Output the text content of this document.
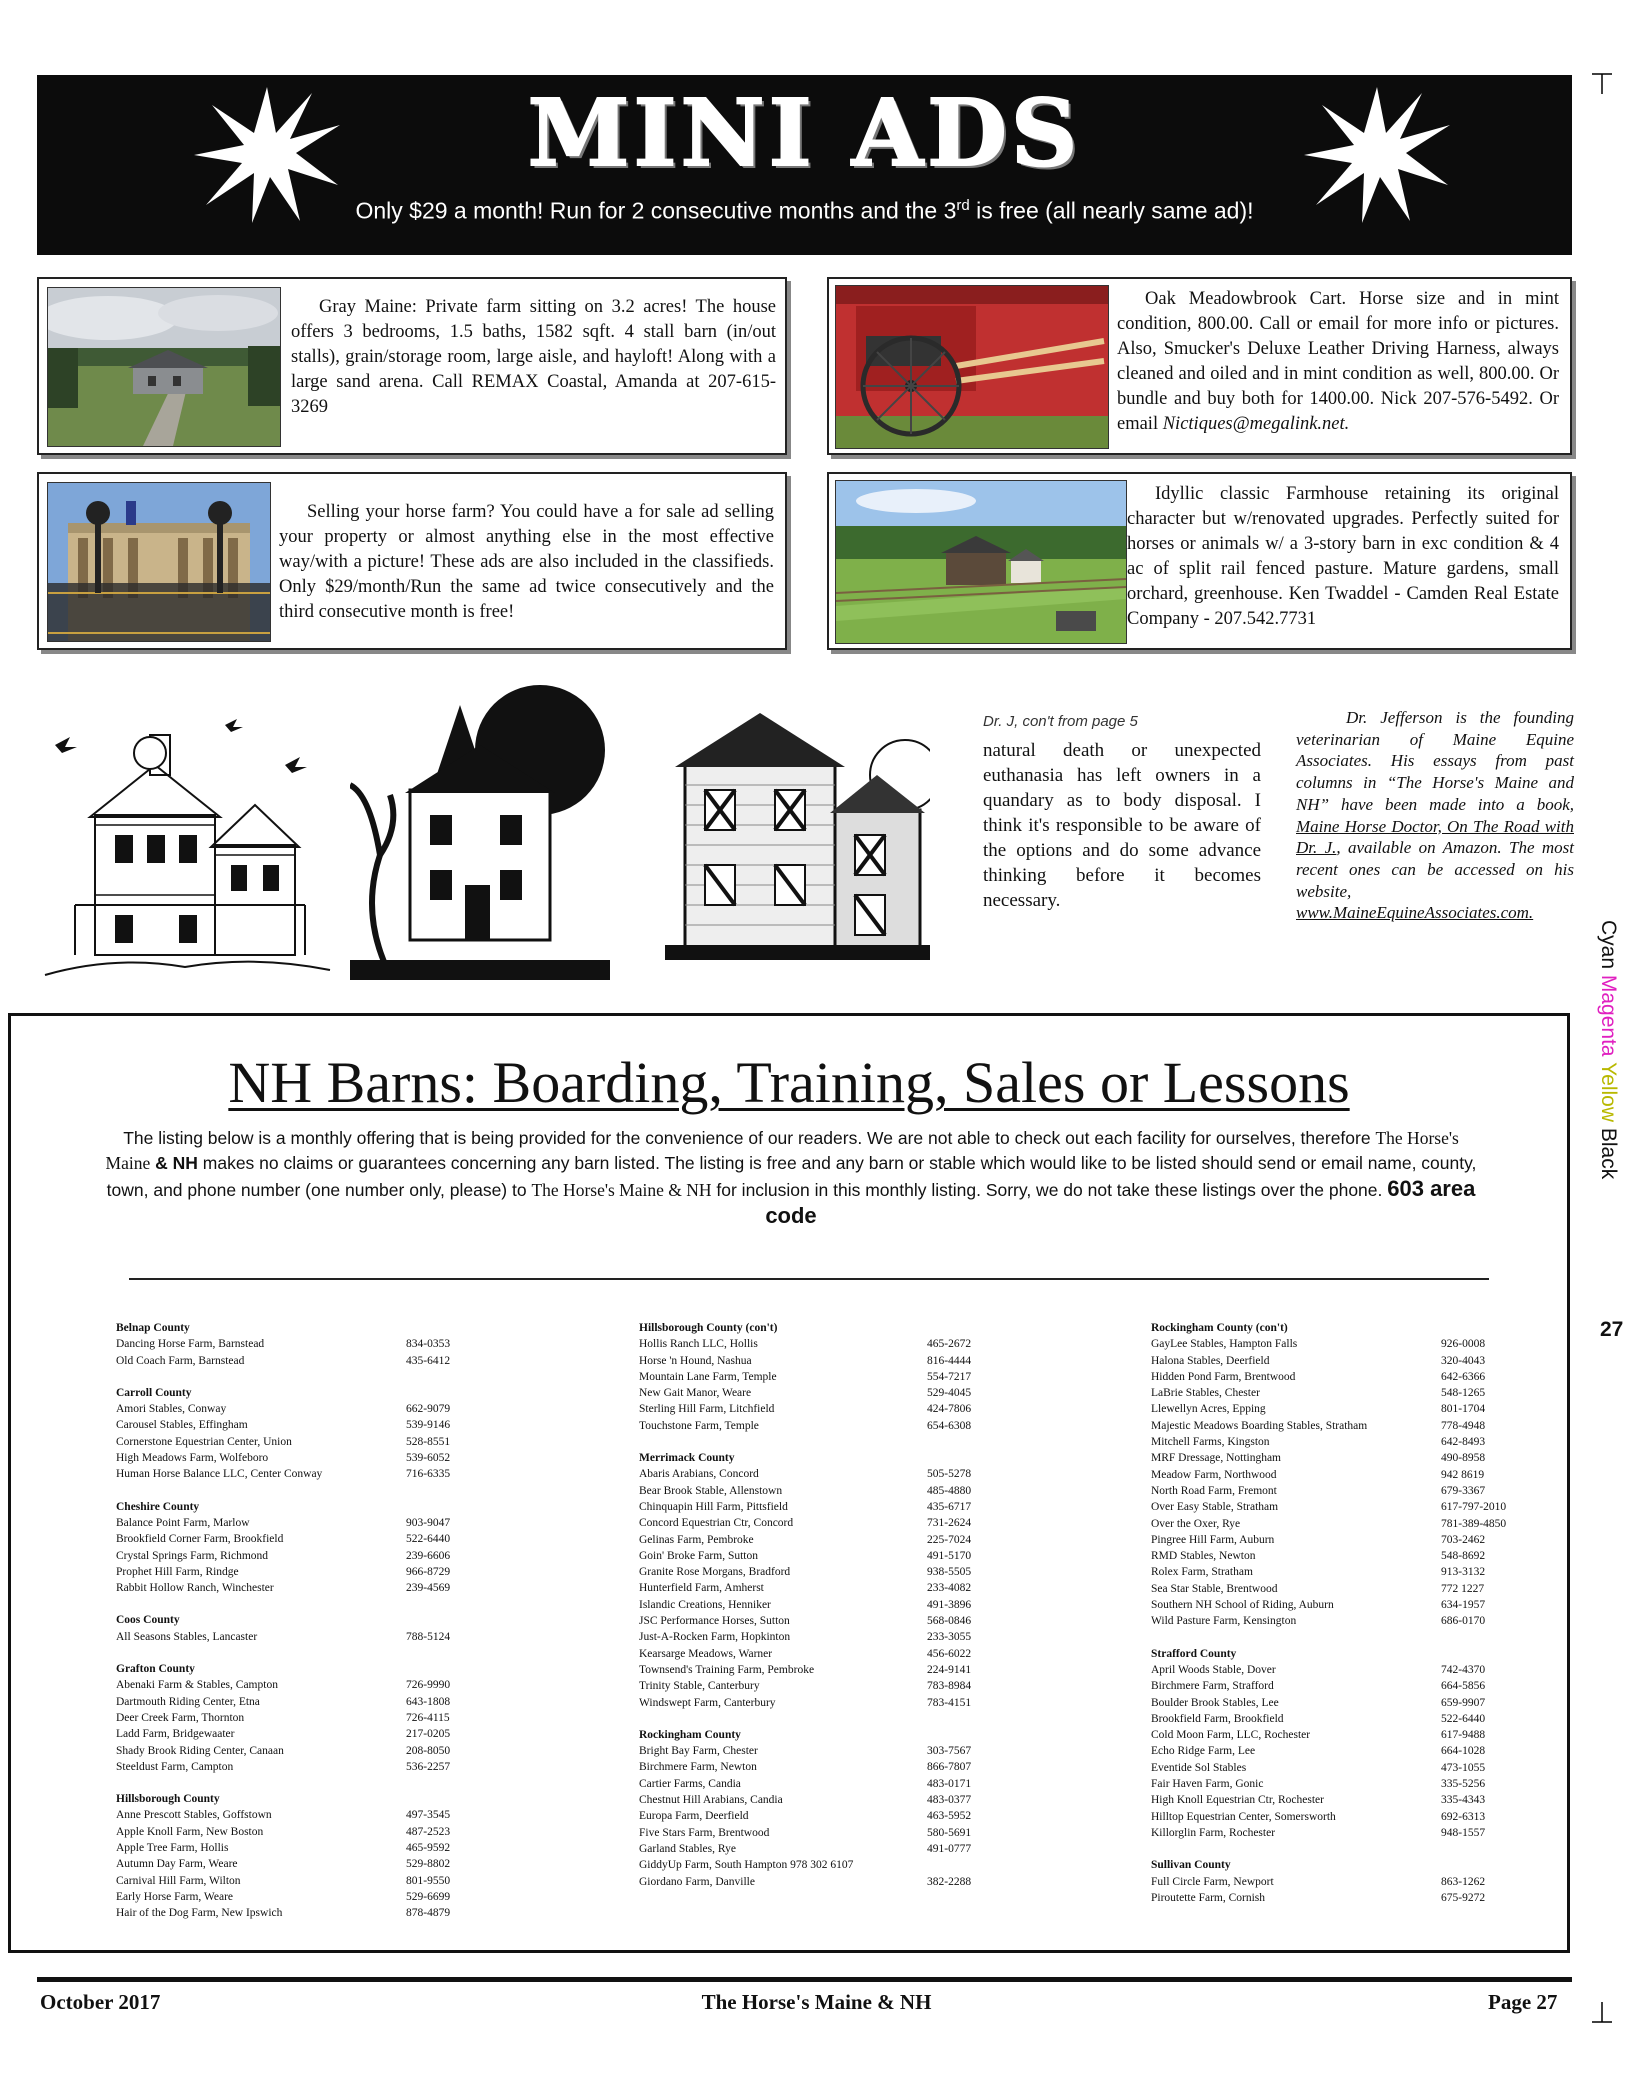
MINI ADS
Only $29 a month! Run for 2 consecutive months and the 3rd is free (all nearly same ad)!

Gray Maine: Private farm sitting on 3.2 acres! The house offers 3 bedrooms, 1.5 baths, 1582 sqft. 4 stall barn (in/out stalls), grain/storage room, large aisle, and hayloft! Along with a large sand arena. Call REMAX Coastal, Amanda at 207-615-3269

Oak Meadowbrook Cart. Horse size and in mint condition, 800.00. Call or email for more info or pictures. Also, Smucker's Deluxe Leather Driving Harness, always cleaned and oiled and in mint condition as well, 800.00. Or bundle and buy both for 1400.00. Nick 207-576-5492. Or email Nictiques@megalink.net.

Selling your horse farm? You could have a for sale ad selling your property or almost anything else in the most effective way/with a picture! These ads are also included in the classifieds. Only $29/month/Run the same ad twice consecutively and the third consecutive month is free!

Idyllic classic Farmhouse retaining its original character but w/renovated upgrades. Perfectly suited for horses or animals w/ a 3-story barn in exc condition & 4 ac of split rail fenced pasture. Mature gardens, small orchard, greenhouse. Ken Twaddel - Camden Real Estate Company - 207.542.7731

Dr. J, con't from page 5
natural death or unexpected euthanasia has left owners in a quandary as to body disposal. I think it's responsible to be aware of the options and do some advance thinking before it becomes necessary.
Dr. Jefferson is the founding veterinarian of Maine Equine Associates. His essays from past columns in “The Horse's Maine and NH” have been made into a book, Maine Horse Doctor, On The Road with Dr. J., available on Amazon. The most recent ones can be accessed on his website, www.MaineEquineAssociates.com.
Cyan Magenta Yellow Black
27
NH Barns: Boarding, Training, Sales or Lessons
The listing below is a monthly offering that is being provided for the convenience of our readers. We are not able to check out each facility for ourselves, therefore The Horse's Maine & NH makes no claims or guarantees concerning any barn listed. The listing is free and any barn or stable which would like to be listed should send or email name, county, town, and phone number (one number only, please) to The Horse's Maine & NH for inclusion in this monthly listing. Sorry, we do not take these listings over the phone. 603 area code
Belnap County
Dancing Horse Farm, Barnstead	834-0353
Old Coach Farm, Barnstead	435-6412
Carroll County
Amori Stables, Conway	662-9079
Carousel Stables, Effingham	539-9146
Cornerstone Equestrian Center, Union	528-8551
High Meadows Farm, Wolfeboro	539-6052
Human Horse Balance LLC, Center Conway	716-6335
Cheshire County
Balance Point Farm, Marlow	903-9047
Brookfield Corner Farm, Brookfield	522-6440
Crystal Springs Farm, Richmond	239-6606
Prophet Hill Farm, Rindge	966-8729
Rabbit Hollow Ranch, Winchester	239-4569
Coos County
All Seasons Stables, Lancaster	788-5124
Grafton County
Abenaki Farm & Stables, Campton	726-9990
Dartmouth Riding Center, Etna	643-1808
Deer Creek Farm, Thornton	726-4115
Ladd Farm, Bridgewaater	217-0205
Shady Brook Riding Center, Canaan	208-8050
Steeldust Farm, Campton	536-2257
Hillsborough County
Anne Prescott Stables, Goffstown	497-3545
Apple Knoll Farm, New Boston	487-2523
Apple Tree Farm, Hollis	465-9592
Autumn Day Farm, Weare	529-8802
Carnival Hill Farm, Wilton	801-9550
Early Horse Farm, Weare	529-6699
Hair of the Dog Farm, New Ipswich	878-4879
Hillsborough County (con't)
Hollis Ranch LLC, Hollis	465-2672
Horse 'n Hound, Nashua	816-4444
Mountain Lane Farm, Temple	554-7217
New Gait Manor, Weare	529-4045
Sterling Hill Farm, Litchfield	424-7806
Touchstone Farm, Temple	654-6308
Merrimack County
Abaris Arabians, Concord	505-5278
Bear Brook Stable, Allenstown	485-4880
Chinquapin Hill Farm, Pittsfield	435-6717
Concord Equestrian Ctr, Concord	731-2624
Gelinas Farm, Pembroke	225-7024
Goin' Broke Farm, Sutton	491-5170
Granite Rose Morgans, Bradford	938-5505
Hunterfield Farm, Amherst	233-4082
Islandic Creations, Henniker	491-3896
JSC Performance Horses, Sutton	568-0846
Just-A-Rocken Farm, Hopkinton	233-3055
Kearsarge Meadows, Warner	456-6022
Townsend's Training Farm, Pembroke	224-9141
Trinity Stable, Canterbury	783-8984
Windswept Farm, Canterbury	783-4151
Rockingham County
Bright Bay Farm, Chester	303-7567
Birchmere Farm, Newton	866-7807
Cartier Farms, Candia	483-0171
Chestnut Hill Arabians, Candia	483-0377
Europa Farm, Deerfield	463-5952
Five Stars Farm, Brentwood	580-5691
Garland Stables, Rye	491-0777
GiddyUp Farm, South Hampton 978 302 6107
Giordano Farm, Danville	382-2288
Rockingham County (con't)
GayLee Stables, Hampton Falls	926-0008
Halona Stables, Deerfield	320-4043
Hidden Pond Farm, Brentwood	642-6366
LaBrie Stables, Chester	548-1265
Llewellyn Acres, Epping	801-1704
Majestic Meadows Boarding Stables, Stratham	778-4948
Mitchell Farms, Kingston	642-8493
MRF Dressage, Nottingham	490-8958
Meadow Farm, Northwood	942 8619
North Road Farm, Fremont	679-3367
Over Easy Stable, Stratham	617-797-2010
Over the Oxer, Rye	781-389-4850
Pingree Hill Farm, Auburn	703-2462
RMD Stables, Newton	548-8692
Rolex Farm, Stratham	913-3132
Sea Star Stable, Brentwood	772 1227
Southern NH School of Riding, Auburn	634-1957
Wild Pasture Farm, Kensington	686-0170
Strafford County
April Woods Stable, Dover	742-4370
Birchmere Farm, Strafford	664-5856
Boulder Brook Stables, Lee	659-9907
Brookfield Farm, Brookfield	522-6440
Cold Moon Farm, LLC, Rochester	617-9488
Echo Ridge Farm, Lee	664-1028
Eventide Sol Stables	473-1055
Fair Haven Farm, Gonic	335-5256
High Knoll Equestrian Ctr, Rochester	335-4343
Hilltop Equestrian Center, Somersworth	692-6313
Killorglin Farm, Rochester	948-1557
Sullivan County
Full Circle Farm, Newport	863-1262
Piroutette Farm, Cornish	675-9272
October 2017	The Horse's Maine & NH	Page 27
